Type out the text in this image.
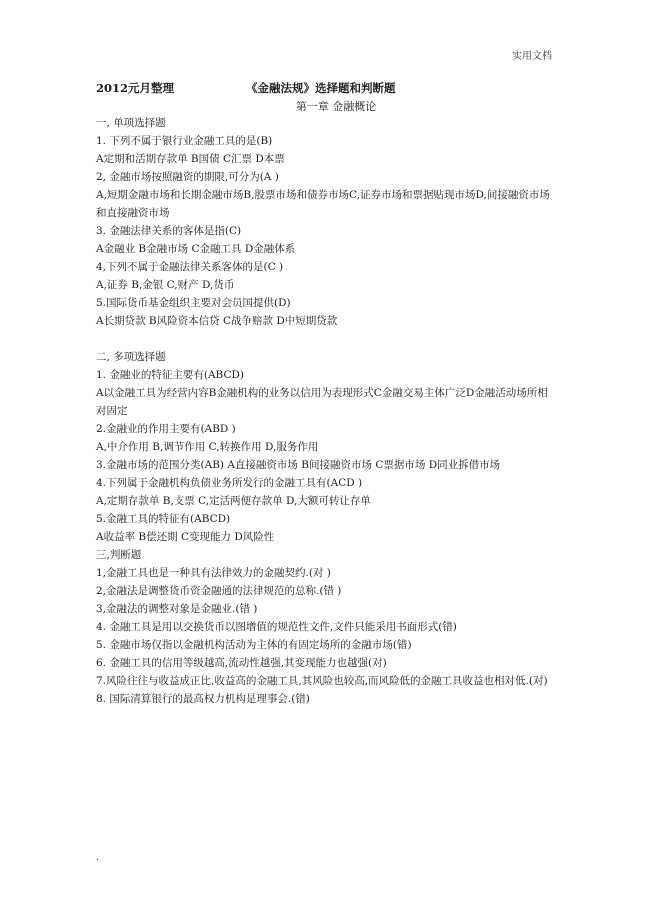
实用文档
2012元月整理	《金融法规》选择题和判断题
第一章 金融概论
一, 单项选择题
1. 下列不属于银行业金融工具的是(B)
A定期和活期存款单 B国债 C汇票 D本票
2, 金融市场按照融资的期限,可分为(A )
A,短期金融市场和长期金融市场B,股票市场和债券市场C,证券市场和票据贴现市场D,间接融资市场和直接融资市场
3. 金融法律关系的客体是指(C)
A金融业 B金融市场 C金融工具 D金融体系
4,下列不属于金融法律关系客体的是(C )
A,证券 B,金银 C,财产 D,货币
5.国际货币基金组织主要对会员国提供(D)
A长期贷款 B风险资本信贷 C战争赔款 D中短期贷款
二, 多项选择题
1. 金融业的特征主要有(ABCD)
A以金融工具为经营内容B金融机构的业务以信用为表现形式C金融交易主体广泛D金融活动场所相对固定
2.金融业的作用主要有(ABD )
A,中介作用 B,调节作用 C,转换作用 D,服务作用
3.金融市场的范围分类(AB) A直接融资市场 B间接融资市场 C票据市场 D同业拆借市场
4.下列属于金融机构负债业务所发行的金融工具有(ACD )
A,定期存款单 B,支票 C,定活两便存款单 D,大额可转让存单
5.金融工具的特征有(ABCD)
A收益率 B偿还期 C变现能力 D风险性
三,判断题
1,金融工具也是一种具有法律效力的金融契约.(对 )
2,金融法是调整货币资金融通的法律规范的总称.(错 )
3,金融法的调整对象是金融业.(错 )
4. 金融工具是用以交换货币以图增值的规范性文件,文件只能采用书面形式(错)
5. 金融市场仅指以金融机构活动为主体的有固定场所的金融市场(错)
6. 金融工具的信用等级越高,流动性越强,其变现能力也越强(对)
7.风险往往与收益成正比,收益高的金融工具,其风险也较高,而风险低的金融工具收益也相对低.(对)
8. 国际清算银行的最高权力机构是理事会.(错)
.
